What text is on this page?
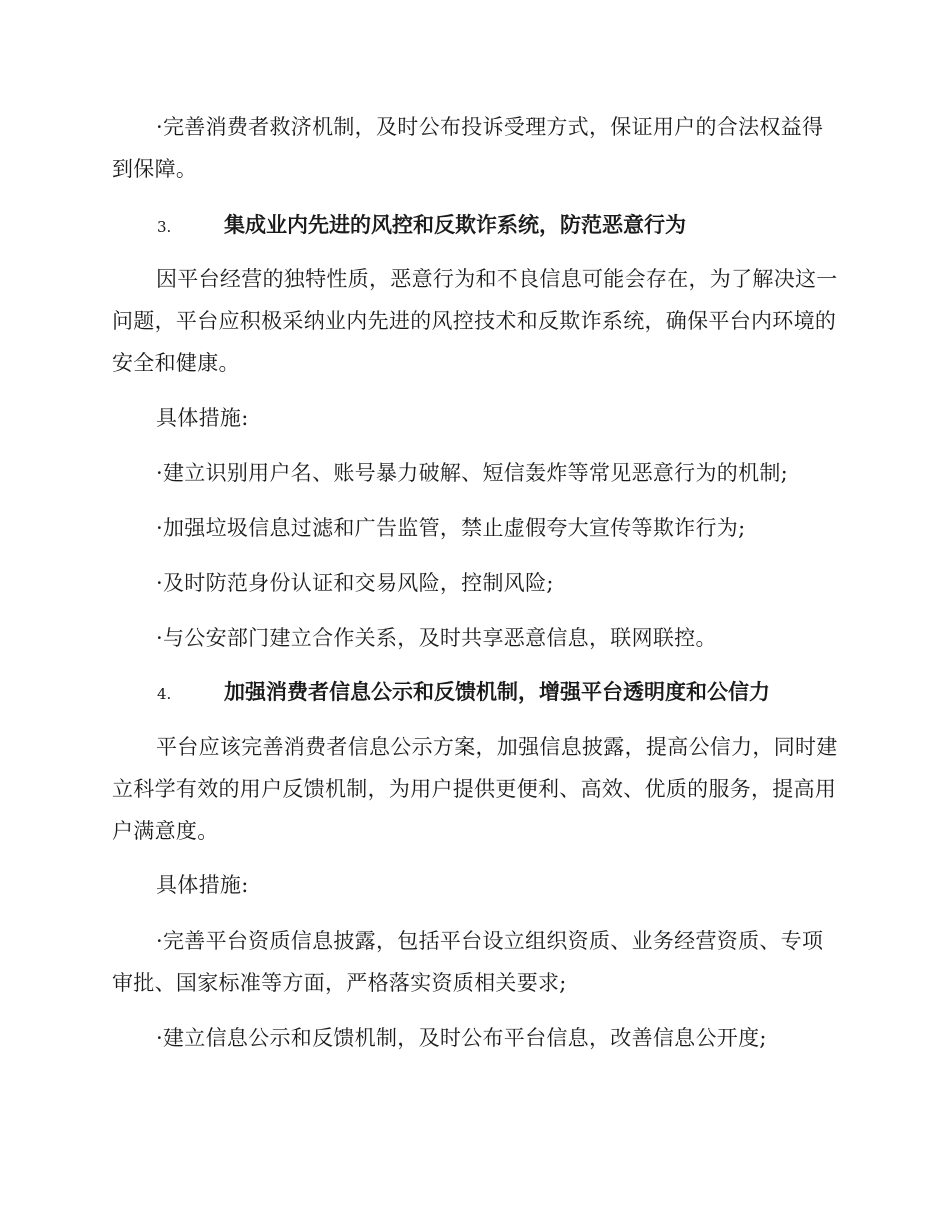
·完善消费者救济机制，及时公布投诉受理方式，保证用户的合法权益得到保障。

3.	集成业内先进的风控和反欺诈系统，防范恶意行为

因平台经营的独特性质，恶意行为和不良信息可能会存在，为了解决这一问题，平台应积极采纳业内先进的风控技术和反欺诈系统，确保平台内环境的安全和健康。

具体措施:

·建立识别用户名、账号暴力破解、短信轰炸等常见恶意行为的机制;

·加强垃圾信息过滤和广告监管，禁止虚假夸大宣传等欺诈行为;

·及时防范身份认证和交易风险，控制风险;

·与公安部门建立合作关系，及时共享恶意信息，联网联控。

4.	加强消费者信息公示和反馈机制，增强平台透明度和公信力

平台应该完善消费者信息公示方案，加强信息披露，提高公信力，同时建立科学有效的用户反馈机制，为用户提供更便利、高效、优质的服务，提高用户满意度。

具体措施:

·完善平台资质信息披露，包括平台设立组织资质、业务经营资质、专项审批、国家标准等方面，严格落实资质相关要求;

·建立信息公示和反馈机制，及时公布平台信息，改善信息公开度;
